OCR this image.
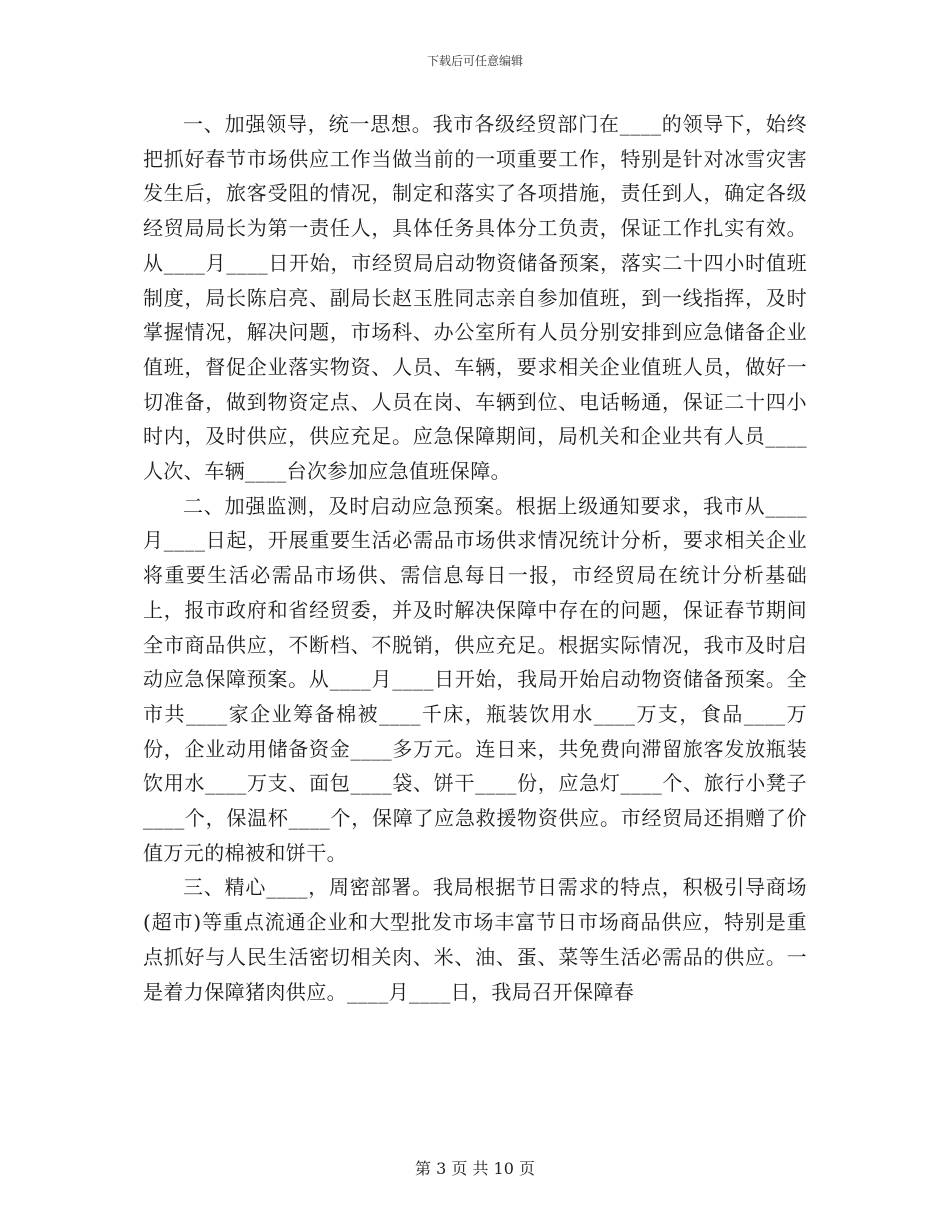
下载后可任意编辑

一、加强领导，统一思想。我市各级经贸部门在____的领导下，始终把抓好春节市场供应工作当做当前的一项重要工作，特别是针对冰雪灾害发生后，旅客受阻的情况，制定和落实了各项措施，责任到人，确定各级经贸局局长为第一责任人，具体任务具体分工负责，保证工作扎实有效。从____月____日开始，市经贸局启动物资储备预案，落实二十四小时值班制度，局长陈启亮、副局长赵玉胜同志亲自参加值班，到一线指挥，及时掌握情况，解决问题，市场科、办公室所有人员分别安排到应急储备企业值班，督促企业落实物资、人员、车辆，要求相关企业值班人员，做好一切准备，做到物资定点、人员在岗、车辆到位、电话畅通，保证二十四小时内，及时供应，供应充足。应急保障期间，局机关和企业共有人员____人次、车辆____台次参加应急值班保障。

二、加强监测，及时启动应急预案。根据上级通知要求，我市从____月____日起，开展重要生活必需品市场供求情况统计分析，要求相关企业将重要生活必需品市场供、需信息每日一报，市经贸局在统计分析基础上，报市政府和省经贸委，并及时解决保障中存在的问题，保证春节期间全市商品供应，不断档、不脱销，供应充足。根据实际情况，我市及时启动应急保障预案。从____月____日开始，我局开始启动物资储备预案。全市共____家企业筹备棉被____千床，瓶装饮用水____万支，食品____万份，企业动用储备资金____多万元。连日来，共免费向滞留旅客发放瓶装饮用水____万支、面包____袋、饼干____份，应急灯____个、旅行小凳子____个，保温杯____个，保障了应急救援物资供应。市经贸局还捐赠了价值万元的棉被和饼干。

三、精心____，周密部署。我局根据节日需求的特点，积极引导商场(超市)等重点流通企业和大型批发市场丰富节日市场商品供应，特别是重点抓好与人民生活密切相关肉、米、油、蛋、菜等生活必需品的供应。一是着力保障猪肉供应。____月____日，我局召开保障春

第 3 页 共 10 页
